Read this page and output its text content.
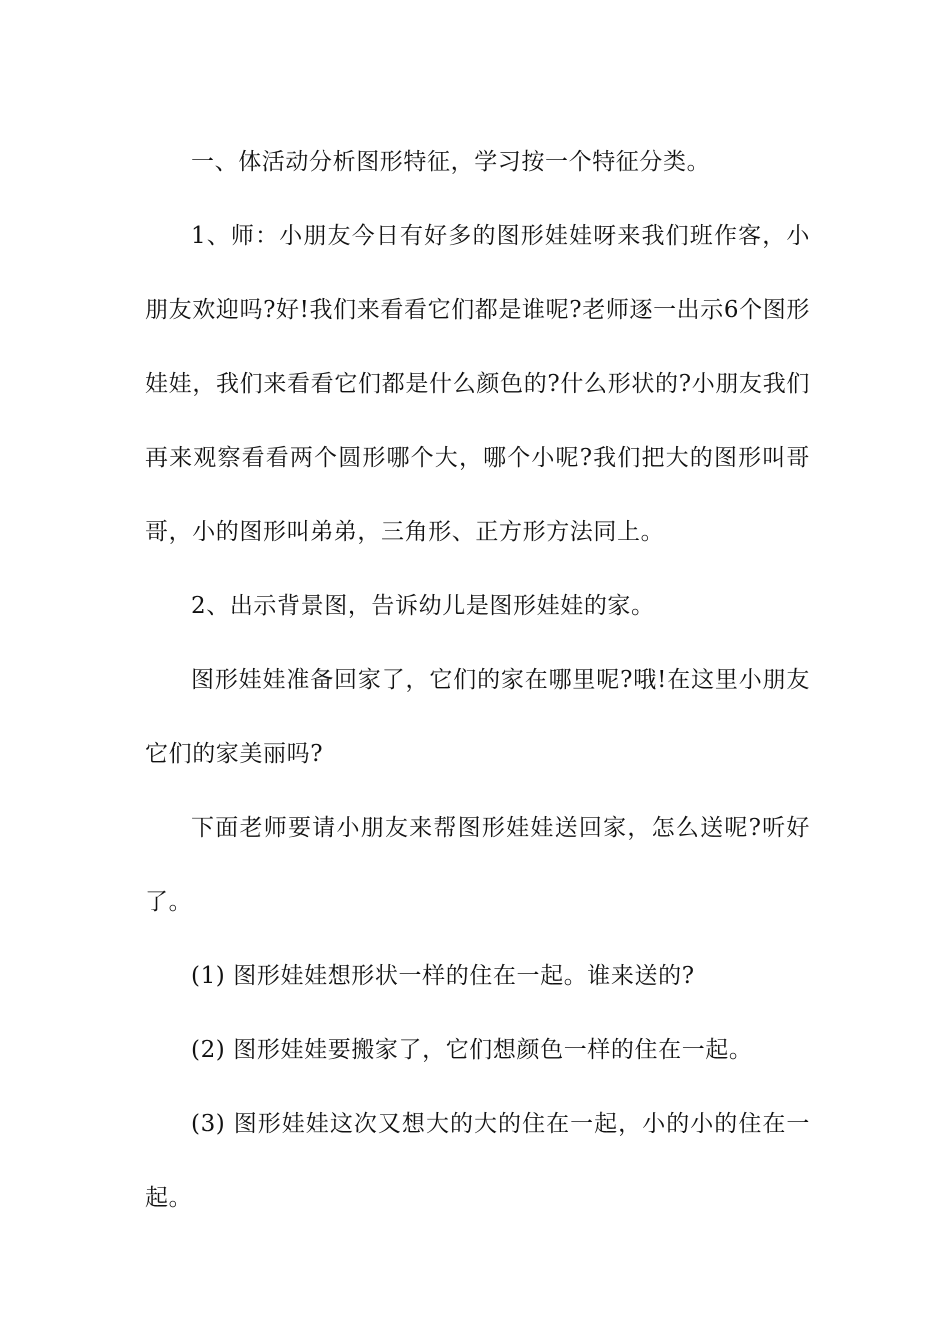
一、体活动分析图形特征，学习按一个特征分类。

1、师：小朋友今日有好多的图形娃娃呀来我们班作客，小朋友欢迎吗?好!我们来看看它们都是谁呢?老师逐一出示6个图形娃娃，我们来看看它们都是什么颜色的?什么形状的?小朋友我们再来观察看看两个圆形哪个大，哪个小呢?我们把大的图形叫哥哥，小的图形叫弟弟，三角形、正方形方法同上。

2、出示背景图，告诉幼儿是图形娃娃的家。

图形娃娃准备回家了，它们的家在哪里呢?哦!在这里小朋友它们的家美丽吗?

下面老师要请小朋友来帮图形娃娃送回家，怎么送呢?听好了。

(1) 图形娃娃想形状一样的住在一起。谁来送的?

(2) 图形娃娃要搬家了，它们想颜色一样的住在一起。

(3) 图形娃娃这次又想大的大的住在一起，小的小的住在一起。
